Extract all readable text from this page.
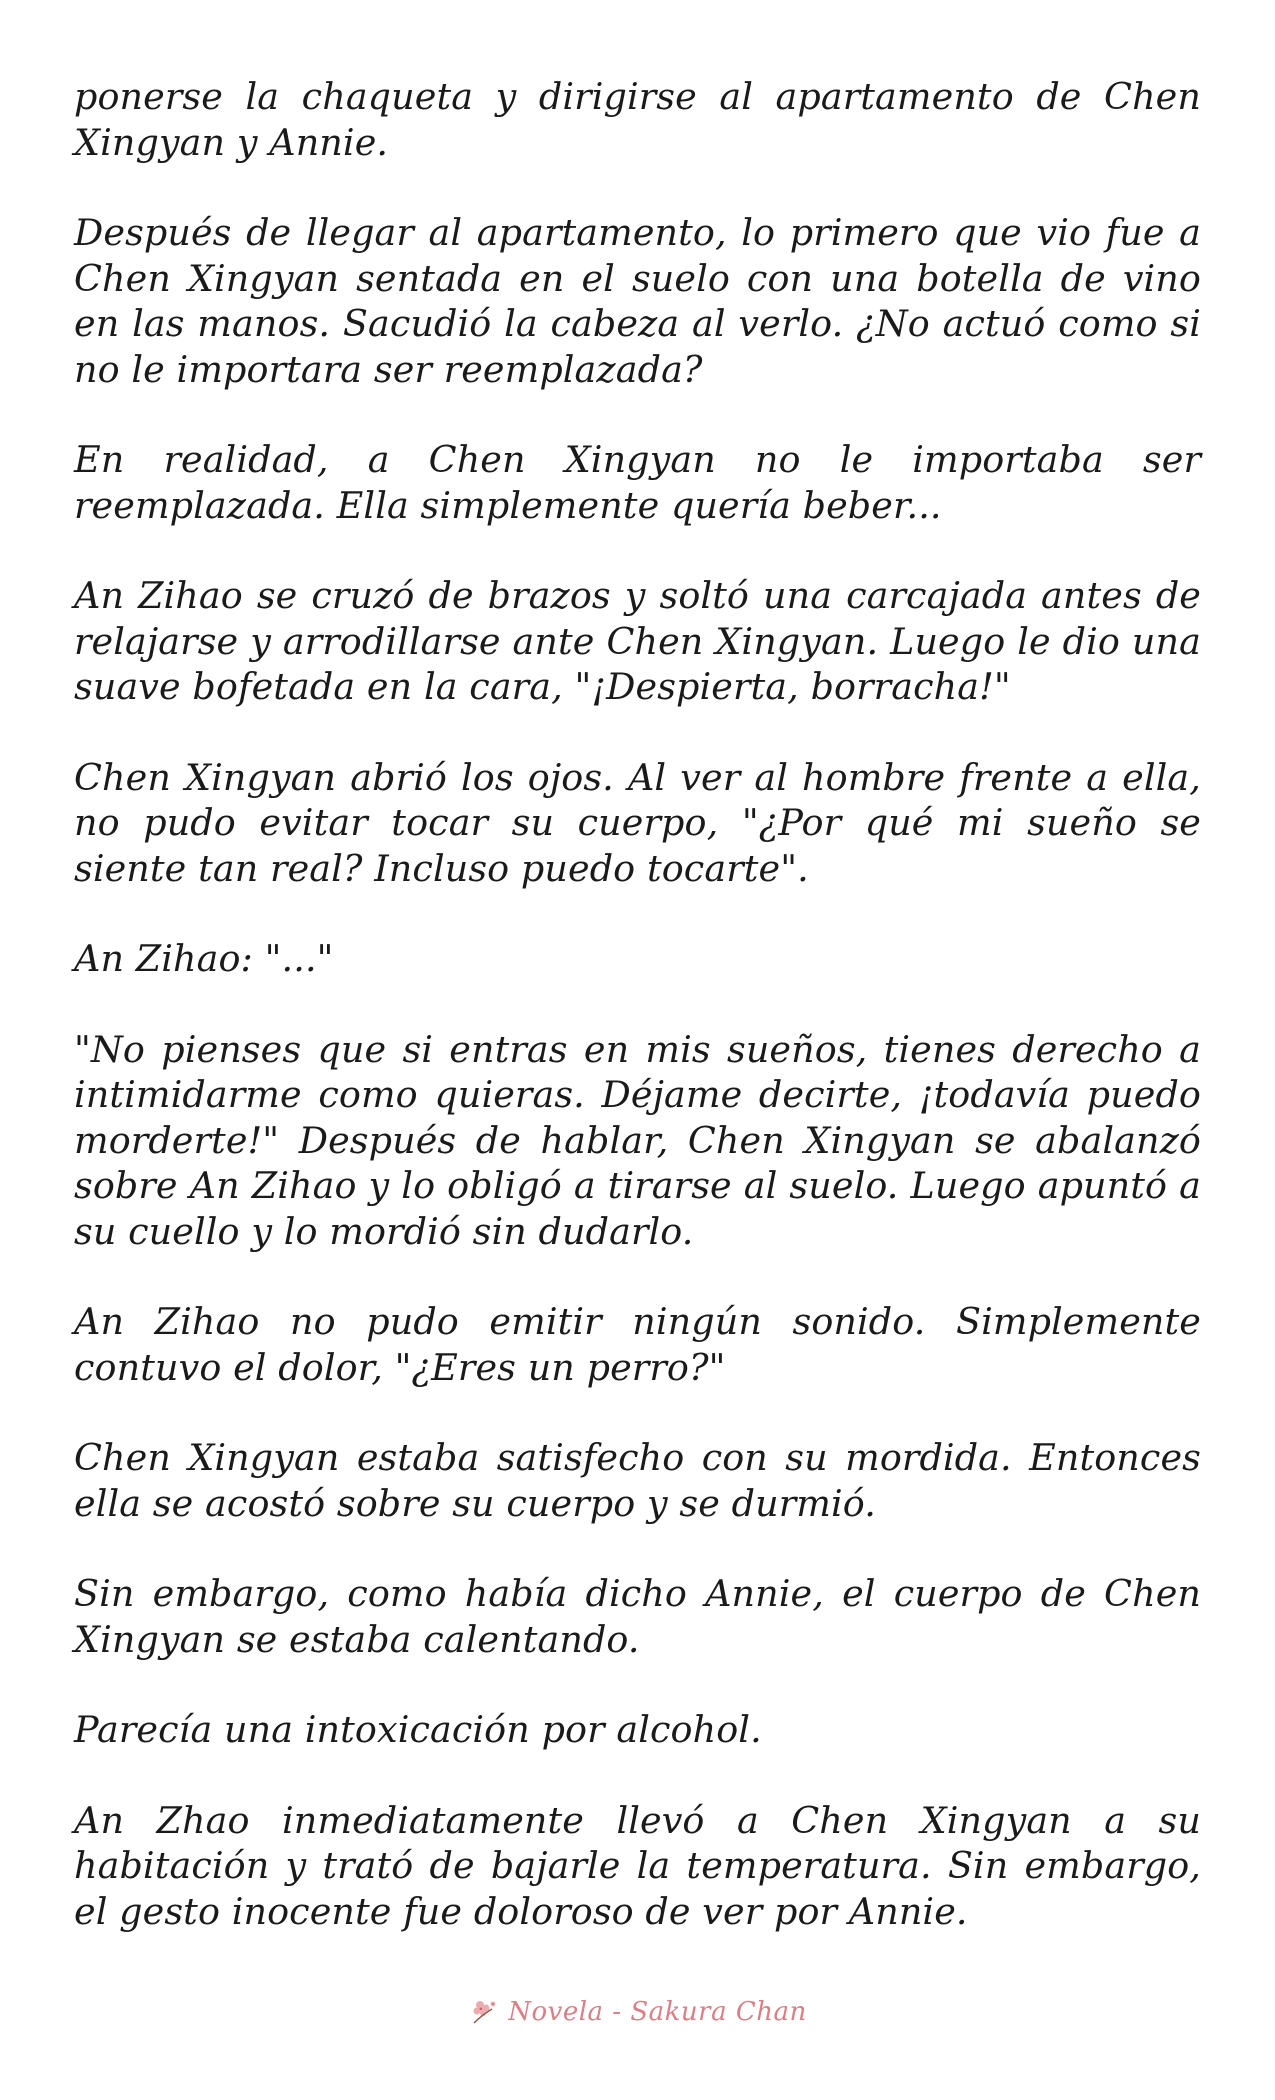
ponerse la chaqueta y dirigirse al apartamento de Chen Xingyan y Annie.

Después de llegar al apartamento, lo primero que vio fue a Chen Xingyan sentada en el suelo con una botella de vino en las manos. Sacudió la cabeza al verlo. ¿No actuó como si no le importara ser reemplazada?

En realidad, a Chen Xingyan no le importaba ser reemplazada. Ella simplemente quería beber...

An Zihao se cruzó de brazos y soltó una carcajada antes de relajarse y arrodillarse ante Chen Xingyan. Luego le dio una suave bofetada en la cara, "¡Despierta, borracha!"

Chen Xingyan abrió los ojos. Al ver al hombre frente a ella, no pudo evitar tocar su cuerpo, "¿Por qué mi sueño se siente tan real? Incluso puedo tocarte".

An Zihao: "..."

"No pienses que si entras en mis sueños, tienes derecho a intimidarme como quieras. Déjame decirte, ¡todavía puedo morderte!" Después de hablar, Chen Xingyan se abalanzó sobre An Zihao y lo obligó a tirarse al suelo. Luego apuntó a su cuello y lo mordió sin dudarlo.

An Zihao no pudo emitir ningún sonido. Simplemente contuvo el dolor, "¿Eres un perro?"

Chen Xingyan estaba satisfecho con su mordida. Entonces ella se acostó sobre su cuerpo y se durmió.

Sin embargo, como había dicho Annie, el cuerpo de Chen Xingyan se estaba calentando.

Parecía una intoxicación por alcohol.

An Zhao inmediatamente llevó a Chen Xingyan a su habitación y trató de bajarle la temperatura. Sin embargo, el gesto inocente fue doloroso de ver por Annie.

Novela - Sakura Chan
